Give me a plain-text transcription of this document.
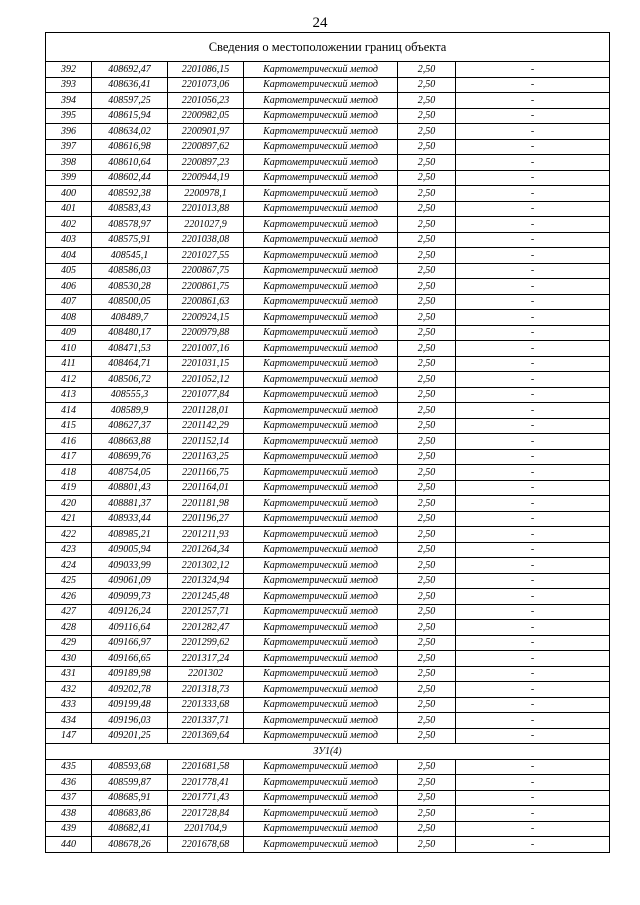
24
Сведения о местоположении границ объекта					
392	408692,47	2201086,15	Картометрический метод	2,50	-
393	408636,41	2201073,06	Картометрический метод	2,50	-
394	408597,25	2201056,23	Картометрический метод	2,50	-
395	408615,94	2200982,05	Картометрический метод	2,50	-
396	408634,02	2200901,97	Картометрический метод	2,50	-
397	408616,98	2200897,62	Картометрический метод	2,50	-
398	408610,64	2200897,23	Картометрический метод	2,50	-
399	408602,44	2200944,19	Картометрический метод	2,50	-
400	408592,38	2200978,1	Картометрический метод	2,50	-
401	408583,43	2201013,88	Картометрический метод	2,50	-
402	408578,97	2201027,9	Картометрический метод	2,50	-
403	408575,91	2201038,08	Картометрический метод	2,50	-
404	408545,1	2201027,55	Картометрический метод	2,50	-
405	408586,03	2200867,75	Картометрический метод	2,50	-
406	408530,28	2200861,75	Картометрический метод	2,50	-
407	408500,05	2200861,63	Картометрический метод	2,50	-
408	408489,7	2200924,15	Картометрический метод	2,50	-
409	408480,17	2200979,88	Картометрический метод	2,50	-
410	408471,53	2201007,16	Картометрический метод	2,50	-
411	408464,71	2201031,15	Картометрический метод	2,50	-
412	408506,72	2201052,12	Картометрический метод	2,50	-
413	408555,3	2201077,84	Картометрический метод	2,50	-
414	408589,9	2201128,01	Картометрический метод	2,50	-
415	408627,37	2201142,29	Картометрический метод	2,50	-
416	408663,88	2201152,14	Картометрический метод	2,50	-
417	408699,76	2201163,25	Картометрический метод	2,50	-
418	408754,05	2201166,75	Картометрический метод	2,50	-
419	408801,43	2201164,01	Картометрический метод	2,50	-
420	408881,37	2201181,98	Картометрический метод	2,50	-
421	408933,44	2201196,27	Картометрический метод	2,50	-
422	408985,21	2201211,93	Картометрический метод	2,50	-
423	409005,94	2201264,34	Картометрический метод	2,50	-
424	409033,99	2201302,12	Картометрический метод	2,50	-
425	409061,09	2201324,94	Картометрический метод	2,50	-
426	409099,73	2201245,48	Картометрический метод	2,50	-
427	409126,24	2201257,71	Картометрический метод	2,50	-
428	409116,64	2201282,47	Картометрический метод	2,50	-
429	409166,97	2201299,62	Картометрический метод	2,50	-
430	409166,65	2201317,24	Картометрический метод	2,50	-
431	409189,98	2201302	Картометрический метод	2,50	-
432	409202,78	2201318,73	Картометрический метод	2,50	-
433	409199,48	2201333,68	Картометрический метод	2,50	-
434	409196,03	2201337,71	Картометрический метод	2,50	-
147	409201,25	2201369,64	Картометрический метод	2,50	-
ЗУ1(4)					
435	408593,68	2201681,58	Картометрический метод	2,50	-
436	408599,87	2201778,41	Картометрический метод	2,50	-
437	408685,91	2201771,43	Картометрический метод	2,50	-
438	408683,86	2201728,84	Картометрический метод	2,50	-
439	408682,41	2201704,9	Картометрический метод	2,50	-
440	408678,26	2201678,68	Картометрический метод	2,50	-
